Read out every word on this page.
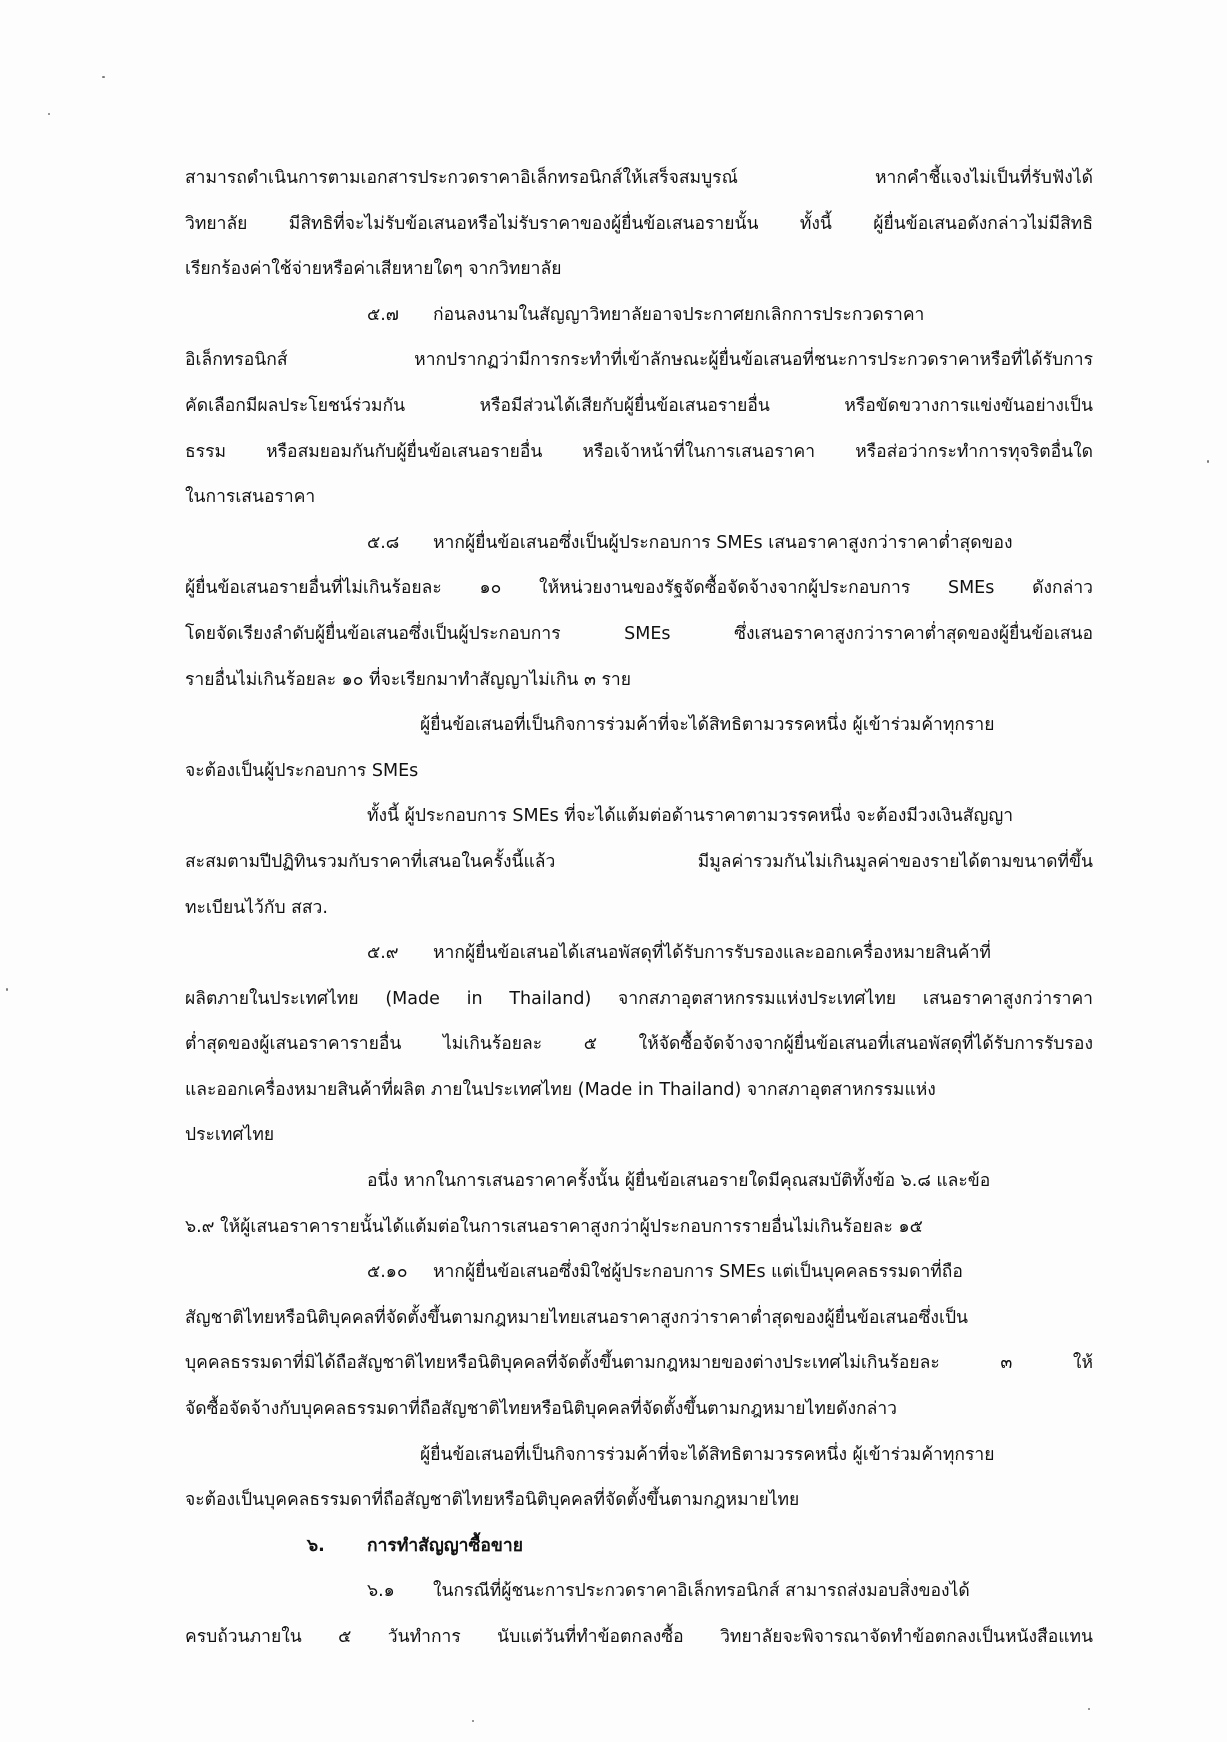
สามารถดำเนินการตามเอกสารประกวดราคาอิเล็กทรอนิกส์ให้เสร็จสมบูรณ์ หากคำชี้แจงไม่เป็นที่รับฟังได้
วิทยาลัย มีสิทธิที่จะไม่รับข้อเสนอหรือไม่รับราคาของผู้ยื่นข้อเสนอรายนั้น ทั้งนี้ ผู้ยื่นข้อเสนอดังกล่าวไม่มีสิทธิ
เรียกร้องค่าใช้จ่ายหรือค่าเสียหายใดๆ จากวิทยาลัย
๕.๗ ก่อนลงนามในสัญญาวิทยาลัยอาจประกาศยกเลิกการประกวดราคา
อิเล็กทรอนิกส์ หากปรากฏว่ามีการกระทำที่เข้าลักษณะผู้ยื่นข้อเสนอที่ชนะการประกวดราคาหรือที่ได้รับการ
คัดเลือกมีผลประโยชน์ร่วมกัน หรือมีส่วนได้เสียกับผู้ยื่นข้อเสนอรายอื่น หรือขัดขวางการแข่งขันอย่างเป็น
ธรรม หรือสมยอมกันกับผู้ยื่นข้อเสนอรายอื่น หรือเจ้าหน้าที่ในการเสนอราคา หรือส่อว่ากระทำการทุจริตอื่นใด
ในการเสนอราคา
๕.๘ หากผู้ยื่นข้อเสนอซึ่งเป็นผู้ประกอบการ SMEs เสนอราคาสูงกว่าราคาต่ำสุดของ
ผู้ยื่นข้อเสนอรายอื่นที่ไม่เกินร้อยละ ๑๐ ให้หน่วยงานของรัฐจัดซื้อจัดจ้างจากผู้ประกอบการ SMEs ดังกล่าว
โดยจัดเรียงลำดับผู้ยื่นข้อเสนอซึ่งเป็นผู้ประกอบการ SMEs ซึ่งเสนอราคาสูงกว่าราคาต่ำสุดของผู้ยื่นข้อเสนอ
รายอื่นไม่เกินร้อยละ ๑๐ ที่จะเรียกมาทำสัญญาไม่เกิน ๓ ราย
ผู้ยื่นข้อเสนอที่เป็นกิจการร่วมค้าที่จะได้สิทธิตามวรรคหนึ่ง ผู้เข้าร่วมค้าทุกราย
จะต้องเป็นผู้ประกอบการ SMEs
ทั้งนี้ ผู้ประกอบการ SMEs ที่จะได้แต้มต่อด้านราคาตามวรรคหนึ่ง จะต้องมีวงเงินสัญญา
สะสมตามปีปฏิทินรวมกับราคาที่เสนอในครั้งนี้แล้ว มีมูลค่ารวมกันไม่เกินมูลค่าของรายได้ตามขนาดที่ขึ้น
ทะเบียนไว้กับ สสว.
๕.๙ หากผู้ยื่นข้อเสนอได้เสนอพัสดุที่ได้รับการรับรองและออกเครื่องหมายสินค้าที่
ผลิตภายในประเทศไทย (Made in Thailand) จากสภาอุตสาหกรรมแห่งประเทศไทย เสนอราคาสูงกว่าราคา
ต่ำสุดของผู้เสนอราคารายอื่น ไม่เกินร้อยละ ๕ ให้จัดซื้อจัดจ้างจากผู้ยื่นข้อเสนอที่เสนอพัสดุที่ได้รับการรับรอง
และออกเครื่องหมายสินค้าที่ผลิต ภายในประเทศไทย (Made in Thailand) จากสภาอุตสาหกรรมแห่ง
ประเทศไทย
อนึ่ง หากในการเสนอราคาครั้งนั้น ผู้ยื่นข้อเสนอรายใดมีคุณสมบัติทั้งข้อ ๖.๘ และข้อ
๖.๙ ให้ผู้เสนอราคารายนั้นได้แต้มต่อในการเสนอราคาสูงกว่าผู้ประกอบการรายอื่นไม่เกินร้อยละ ๑๕
๕.๑๐ หากผู้ยื่นข้อเสนอซึ่งมิใช่ผู้ประกอบการ SMEs แต่เป็นบุคคลธรรมดาที่ถือ
สัญชาติไทยหรือนิติบุคคลที่จัดตั้งขึ้นตามกฎหมายไทยเสนอราคาสูงกว่าราคาต่ำสุดของผู้ยื่นข้อเสนอซึ่งเป็น
บุคคลธรรมดาที่มิได้ถือสัญชาติไทยหรือนิติบุคคลที่จัดตั้งขึ้นตามกฎหมายของต่างประเทศไม่เกินร้อยละ ๓ ให้
จัดซื้อจัดจ้างกับบุคคลธรรมดาที่ถือสัญชาติไทยหรือนิติบุคคลที่จัดตั้งขึ้นตามกฎหมายไทยดังกล่าว
ผู้ยื่นข้อเสนอที่เป็นกิจการร่วมค้าที่จะได้สิทธิตามวรรคหนึ่ง ผู้เข้าร่วมค้าทุกราย
จะต้องเป็นบุคคลธรรมดาที่ถือสัญชาติไทยหรือนิติบุคคลที่จัดตั้งขึ้นตามกฎหมายไทย
๖. การทำสัญญาซื้อขาย
๖.๑ ในกรณีที่ผู้ชนะการประกวดราคาอิเล็กทรอนิกส์ สามารถส่งมอบสิ่งของได้
ครบถ้วนภายใน ๕ วันทำการ นับแต่วันที่ทำข้อตกลงซื้อ วิทยาลัยจะพิจารณาจัดทำข้อตกลงเป็นหนังสือแทน
